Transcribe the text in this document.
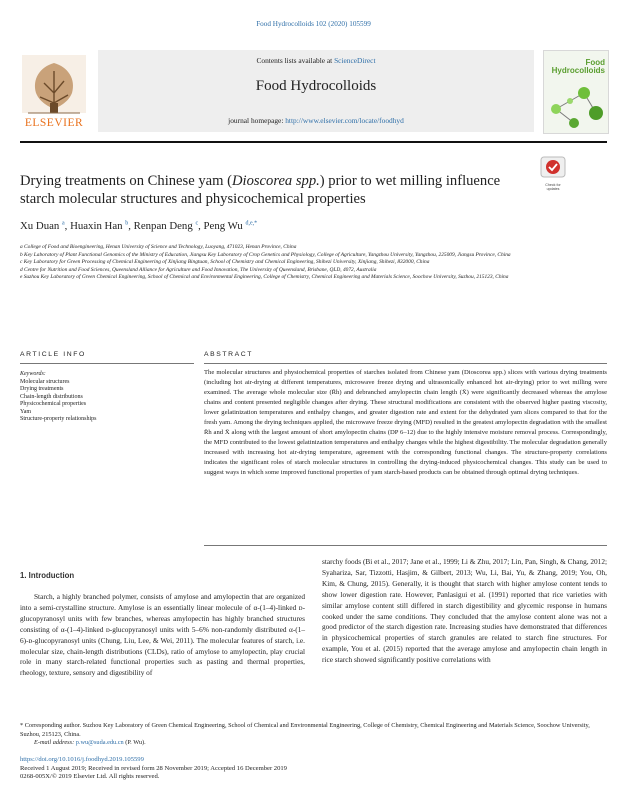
Food Hydrocolloids 102 (2020) 105599
ELSEVIER
Contents lists available at ScienceDirect
Food Hydrocolloids
journal homepage: http://www.elsevier.com/locate/foodhyd
Food
Hydrocolloids
Check for updates
Drying treatments on Chinese yam (Dioscorea spp.) prior to wet milling influence starch molecular structures and physicochemical properties
Xu Duan $^a$, Huaxin Han $^b$, Renpan Deng $^c$, Peng Wu $^{d,e,*}$
a College of Food and Bioengineering, Henan University of Science and Technology, Luoyang, 471023, Henan Province, China
b Key Laboratory of Plant Functional Genomics of the Ministry of Education, Jiangsu Key Laboratory of Crop Genetics and Physiology, College of Agriculture, Yangzhou University, Yangzhou, 225009, Jiangsu Province, China
c Key Laboratory for Green Processing of Chemical Engineering of Xinjiang Bingtuan, School of Chemistry and Chemical Engineering, Shihezi University, Xinjiang, Shihezi, 832000, China
d Centre for Nutrition and Food Sciences, Queensland Alliance for Agriculture and Food Innovation, The University of Queensland, Brisbane, QLD, 4072, Australia
e Suzhou Key Laboratory of Green Chemical Engineering, School of Chemical and Environmental Engineering, College of Chemistry, Chemical Engineering and Materials Science, Soochow University, Suzhou, 215123, China
ARTICLE INFO	ABSTRACT
Keywords:
Molecular structures
Drying treatments
Chain-length distributions
Physicochemical properties
Yam
Structure-property relationships
The molecular structures and physiochemical properties of starches isolated from Chinese yam (Dioscorea spp.) slices with various drying treatments (including hot air-drying at different temperatures, microwave freeze drying and ultrasonically enhanced hot air-drying) prior to wet milling were examined. The average whole molecular size (R̄h) and debranched amylopectin chain length (X̄) were significantly decreased whereas the amylose chains and content presented negligible changes after drying. These structural modifications are consistent with the observed higher pasting viscosity, lower gelatinization temperatures and enthalpy changes, and greater digestion rate and extent for the dehydrated yam slices compared to that for the fresh yam. Among the drying techniques applied, the microwave freeze drying (MFD) resulted in the greatest amylopectin degradation with the smallest R̄h and X̄ along with the largest amount of short amylopectin chains (DP 6–12) due to the highly intensive moisture removal process. Correspondingly, the MFD contributed to the lowest gelatinization temperatures and enthalpy changes while the highest digestibility. The molecular degradation generally increased with increasing hot air-drying temperature, agreement with the corresponding functional changes. The structure-property correlations indicates the significant roles of starch molecular structures in controlling the drying-induced physicochemical changes. This study can be used to suggest ways in which some improved functional properties of yam starch-based products can be obtained through optimal drying techniques.
1. Introduction
Starch, a highly branched polymer, consists of amylose and amylopectin that are organized into a semi-crystalline structure. Amylose is an essentially linear molecule of α-(1–4)-linked ᴅ-glucopyranosyl units with few branches, whereas amylopectin has highly branched structures consisting of α-(1–4)-linked ᴅ-glucopyranosyl units with 5–6% non-randomly distributed α-(1–6)-ᴅ-glucopyranosyl units (Chung, Liu, Lee, & Wei, 2011). The molecular features of starch, i.e. molecular size, chain-length distributions (CLDs), ratio of amylose to amylopectin, play crucial role in many starch-related functional properties such as pasting and thermal properties, rheology, texture, sensory and digestibility of
starchy foods (Bi et al., 2017; Jane et al., 1999; Li & Zhu, 2017; Lin, Pan, Singh, & Chang, 2012; Syahariza, Sar, Tizzotti, Hasjim, & Gilbert, 2013; Wu, Li, Bai, Yu, & Zhang, 2019; You, Oh, Kim, & Chung, 2015). Generally, it is thought that starch with higher amylose content tends to show lower digestion rate. However, Panlasigui et al. (1991) reported that rice varieties with similar amylose content still differed in starch digestibility and glycemic response in humans cooked under the same conditions. They concluded that the amylose content alone was not a good predictor of the starch digestion rate. Increasing studies have demonstrated that differences in physicochemical properties of starch granules are related to starch fine structures. For example, You et al. (2015) reported that the average amylose and amylopectin chain length in rice starch showed significantly positive correlations with
* Corresponding author. Suzhou Key Laboratory of Green Chemical Engineering, School of Chemical and Environmental Engineering, College of Chemistry, Chemical Engineering and Materials Science, Soochow University, Suzhou, 215123, China.
E-mail address: p.wu@suda.edu.cn (P. Wu).
https://doi.org/10.1016/j.foodhyd.2019.105599
Received 1 August 2019; Received in revised form 28 November 2019; Accepted 16 December 2019
0268-005X/© 2019 Elsevier Ltd. All rights reserved.
